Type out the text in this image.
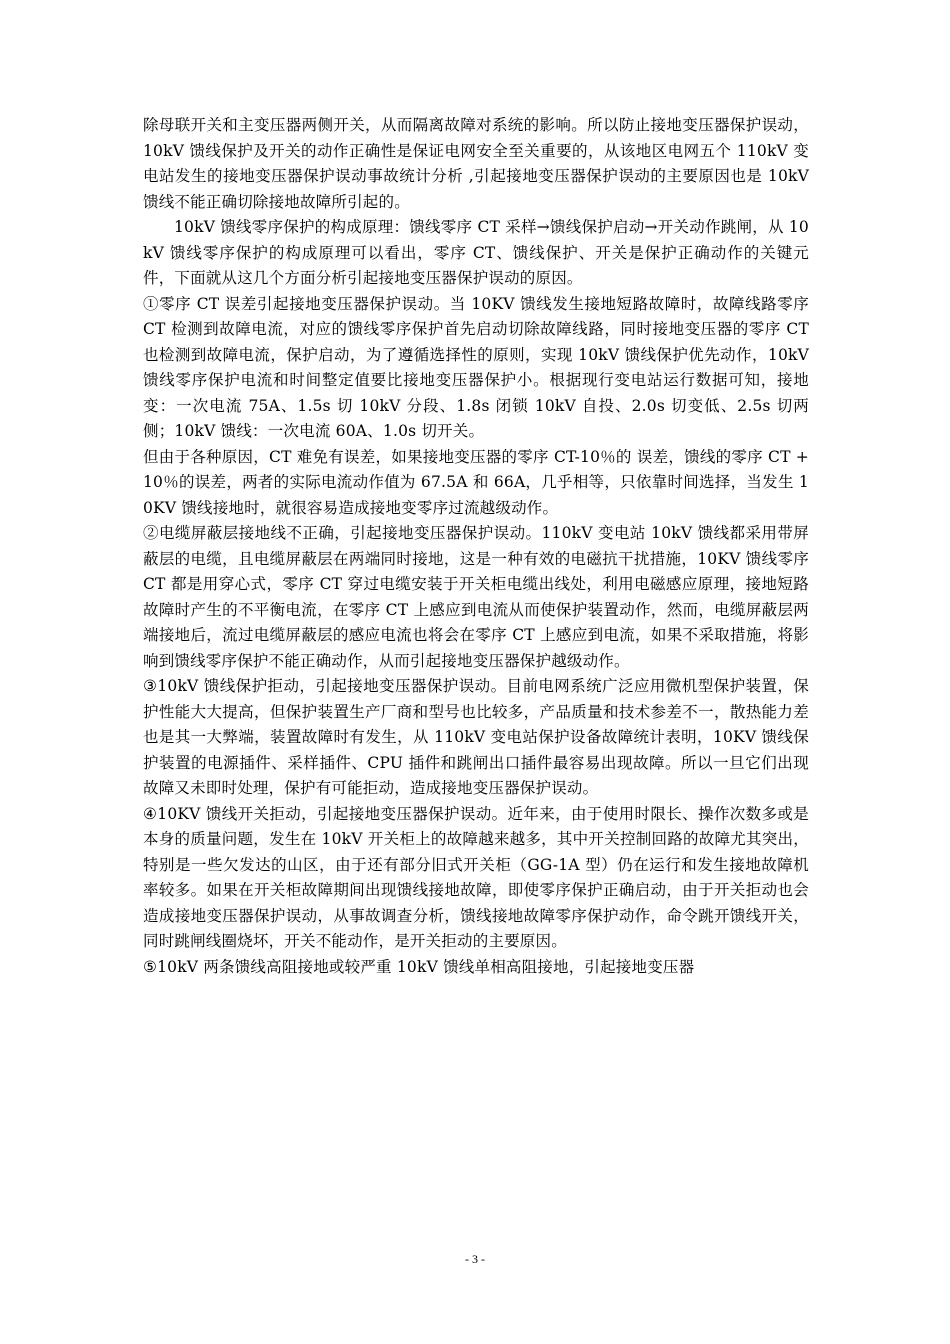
除母联开关和主变压器两侧开关，从而隔离故障对系统的影响。所以防止接地变压器保护误动，10kV 馈线保护及开关的动作正确性是保证电网安全至关重要的，从该地区电网五个 110kV 变电站发生的接地变压器保护误动事故统计分析 ,引起接地变压器保护误动的主要原因也是 10kV 馈线不能正确切除接地故障所引起的。

10kV 馈线零序保护的构成原理：馈线零序 CT 采样→馈线保护启动→开关动作跳闸，从 10kV 馈线零序保护的构成原理可以看出，零序 CT、馈线保护、开关是保护正确动作的关键元件，下面就从这几个方面分析引起接地变压器保护误动的原因。

①零序 CT 误差引起接地变压器保护误动。当 10KV 馈线发生接地短路故障时，故障线路零序 CT 检测到故障电流，对应的馈线零序保护首先启动切除故障线路，同时接地变压器的零序 CT 也检测到故障电流，保护启动，为了遵循选择性的原则，实现 10kV 馈线保护优先动作，10kV 馈线零序保护电流和时间整定值要比接地变压器保护小。根据现行变电站运行数据可知，接地变：一次电流 75A、1.5s 切 10kV 分段、1.8s 闭锁 10kV 自投、2.0s 切变低、2.5s 切两侧；10kV 馈线：一次电流 60A、1.0s 切开关。

但由于各种原因，CT 难免有误差，如果接地变压器的零序 CT-10％的 误差，馈线的零序 CT +10％的误差，两者的实际电流动作值为 67.5A 和 66A，几乎相等，只依靠时间选择，当发生 10KV 馈线接地时，就很容易造成接地变零序过流越级动作。

②电缆屏蔽层接地线不正确，引起接地变压器保护误动。110kV 变电站 10kV 馈线都采用带屏蔽层的电缆，且电缆屏蔽层在两端同时接地，这是一种有效的电磁抗干扰措施，10KV 馈线零序 CT 都是用穿心式，零序 CT 穿过电缆安装于开关柜电缆出线处，利用电磁感应原理，接地短路故障时产生的不平衡电流，在零序 CT 上感应到电流从而使保护装置动作，然而，电缆屏蔽层两端接地后，流过电缆屏蔽层的感应电流也将会在零序 CT 上感应到电流，如果不采取措施，将影响到馈线零序保护不能正确动作，从而引起接地变压器保护越级动作。

③10kV 馈线保护拒动，引起接地变压器保护误动。目前电网系统广泛应用微机型保护装置，保护性能大大提高，但保护装置生产厂商和型号也比较多，产品质量和技术参差不一，散热能力差也是其一大弊端，装置故障时有发生，从 110kV 变电站保护设备故障统计表明，10KV 馈线保护装置的电源插件、采样插件、CPU 插件和跳闸出口插件最容易出现故障。所以一旦它们出现故障又未即时处理，保护有可能拒动，造成接地变压器保护误动。

④10KV 馈线开关拒动，引起接地变压器保护误动。近年来，由于使用时限长、操作次数多或是本身的质量问题，发生在 10kV 开关柜上的故障越来越多，其中开关控制回路的故障尤其突出，特别是一些欠发达的山区，由于还有部分旧式开关柜（GG-1A 型）仍在运行和发生接地故障机率较多。如果在开关柜故障期间出现馈线接地故障，即使零序保护正确启动，由于开关拒动也会造成接地变压器保护误动，从事故调查分析，馈线接地故障零序保护动作，命令跳开馈线开关，同时跳闸线圈烧坏，开关不能动作，是开关拒动的主要原因。

⑤10kV 两条馈线高阻接地或较严重 10kV 馈线单相高阻接地，引起接地变压器

- 3 -
